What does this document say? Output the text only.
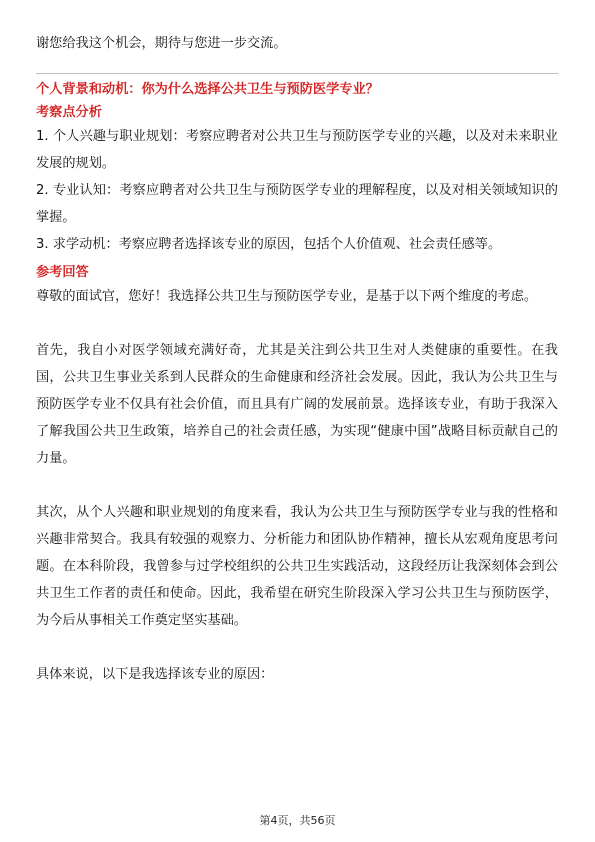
谢您给我这个机会，期待与您进一步交流。

个人背景和动机：你为什么选择公共卫生与预防医学专业？

考察点分析

1. 个人兴趣与职业规划：考察应聘者对公共卫生与预防医学专业的兴趣，以及对未来职业发展的规划。

2. 专业认知：考察应聘者对公共卫生与预防医学专业的理解程度，以及对相关领域知识的掌握。

3. 求学动机：考察应聘者选择该专业的原因，包括个人价值观、社会责任感等。

参考回答

尊敬的面试官，您好！我选择公共卫生与预防医学专业，是基于以下两个维度的考虑。

首先，我自小对医学领域充满好奇，尤其是关注到公共卫生对人类健康的重要性。在我国，公共卫生事业关系到人民群众的生命健康和经济社会发展。因此，我认为公共卫生与预防医学专业不仅具有社会价值，而且具有广阔的发展前景。选择该专业，有助于我深入了解我国公共卫生政策，培养自己的社会责任感，为实现“健康中国”战略目标贡献自己的力量。

其次，从个人兴趣和职业规划的角度来看，我认为公共卫生与预防医学专业与我的性格和兴趣非常契合。我具有较强的观察力、分析能力和团队协作精神，擅长从宏观角度思考问题。在本科阶段，我曾参与过学校组织的公共卫生实践活动，这段经历让我深刻体会到公共卫生工作者的责任和使命。因此，我希望在研究生阶段深入学习公共卫生与预防医学，为今后从事相关工作奠定坚实基础。

具体来说，以下是我选择该专业的原因：

第4页，共56页
